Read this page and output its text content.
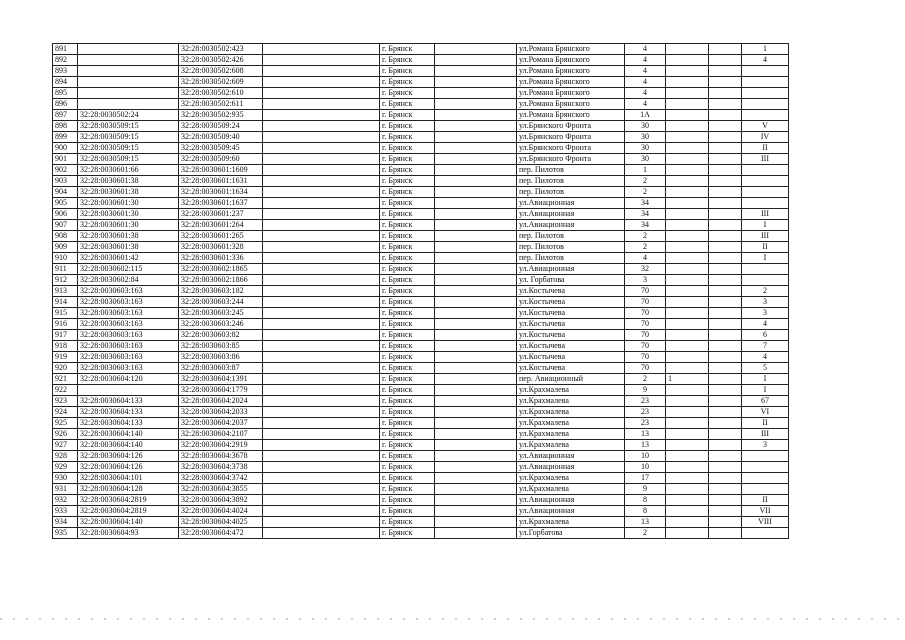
891		32:28:0030502:423		г. Брянск		ул.Романа Брянского	4			1
892		32:28:0030502:426		г. Брянск		ул.Романа Брянского	4			4
893		32:28:0030502:608		г. Брянск		ул.Романа Брянского	4			
894		32:28:0030502:609		г. Брянск		ул.Романа Брянского	4			
895		32:28:0030502:610		г. Брянск		ул.Романа Брянского	4			
896		32:28:0030502:611		г. Брянск		ул.Романа Брянского	4			
897	32:28:0030502:24	32:28:0030502:935		г. Брянск		ул.Романа Брянского	1А			
898	32:28:0030509:15	32:28:0030509:24		г. Брянск		ул.Брянского Фронта	30			V
899	32:28:0030509:15	32:28:0030509:40		г. Брянск		ул.Брянского Фронта	30			IV
900	32:28:0030509:15	32:28:0030509:45		г. Брянск		ул.Брянского Фронта	30			II
901	32:28:0030509:15	32:28:0030509:60		г. Брянск		ул.Брянского Фронта	30			III
902	32:28:0030601:66	32:28:0030601:1609		г. Брянск		пер. Пилотов	1			
903	32:28:0030601:38	32:28:0030601:1631		г. Брянск		пер. Пилотов	2			
904	32:28:0030601:38	32:28:0030601:1634		г. Брянск		пер. Пилотов	2			
905	32:28:0030601:30	32:28:0030601:1637		г. Брянск		ул.Авиационная	34			
906	32:28:0030601:30	32:28:0030601:237		г. Брянск		ул.Авиационная	34			III
907	32:28:0030601:30	32:28:0030601:264		г. Брянск		ул.Авиационная	34			I
908	32:28:0030601:38	32:28:0030601:265		г. Брянск		пер. Пилотов	2			III
909	32:28:0030601:38	32:28:0030601:328		г. Брянск		пер. Пилотов	2			II
910	32:28:0030601:42	32:28:0030601:336		г. Брянск		пер. Пилотов	4			I
911	32:28:0030602:115	32:28:0030602:1865		г. Брянск		ул.Авиационная	32			
912	32:28:0030602:84	32:28:0030602:1866		г. Брянск		ул. Горбатова	3			
913	32:28:0030603:163	32:28:0030603:182		г. Брянск		ул.Костычева	70			2
914	32:28:0030603:163	32:28:0030603:244		г. Брянск		ул.Костычева	70			3
915	32:28:0030603:163	32:28:0030603:245		г. Брянск		ул.Костычева	70			3
916	32:28:0030603:163	32:28:0030603:246		г. Брянск		ул.Костычева	70			4
917	32:28:0030603:163	32:28:0030603:82		г. Брянск		ул.Костычева	70			6
918	32:28:0030603:163	32:28:0030603:85		г. Брянск		ул.Костычева	70			7
919	32:28:0030603:163	32:28:0030603:86		г. Брянск		ул.Костычева	70			4
920	32:28:0030603:163	32:28:0030603:87		г. Брянск		ул.Костычева	70			5
921	32:28:0030604:120	32:28:0030604:1391		г. Брянск		пер. Авиационный	2	1		I
922		32:28:0030604:1779		г. Брянск		ул.Крахмалева	9			I
923	32:28:0030604:133	32:28:0030604:2024		г. Брянск		ул.Крахмалева	23			67
924	32:28:0030604:133	32:28:0030604:2033		г. Брянск		ул.Крахмалева	23			VI
925	32:28:0030604:133	32:28:0030604:2037		г. Брянск		ул.Крахмалева	23			II
926	32:28:0030604:140	32:28:0030604:2107		г. Брянск		ул.Крахмалева	13			III
927	32:28:0030604:140	32:28:0030604:2919		г. Брянск		ул.Крахмалева	13			3
928	32:28:0030604:126	32:28:0030604:3678		г. Брянск		ул.Авиационная	10			
929	32:28:0030604:126	32:28:0030604:3738		г. Брянск		ул.Авиационная	10			
930	32:28:0030604:101	32:28:0030604:3742		г. Брянск		ул.Крахмалева	17			
931	32:28:0030604:128	32:28:0030604:3855		г. Брянск		ул.Крахмалева	9			
932	32:28:0030604:2819	32:28:0030604:3892		г. Брянск		ул.Авиационная	8			II
933	32:28:0030604:2819	32:28:0030604:4024		г. Брянск		ул.Авиационная	8			VII
934	32:28:0030604:140	32:28:0030604:4025		г. Брянск		ул.Крахмалева	13			VIII
935	32:28:0030604:93	32:28:0030604:472		г. Брянск		ул.Горбатова	2			
